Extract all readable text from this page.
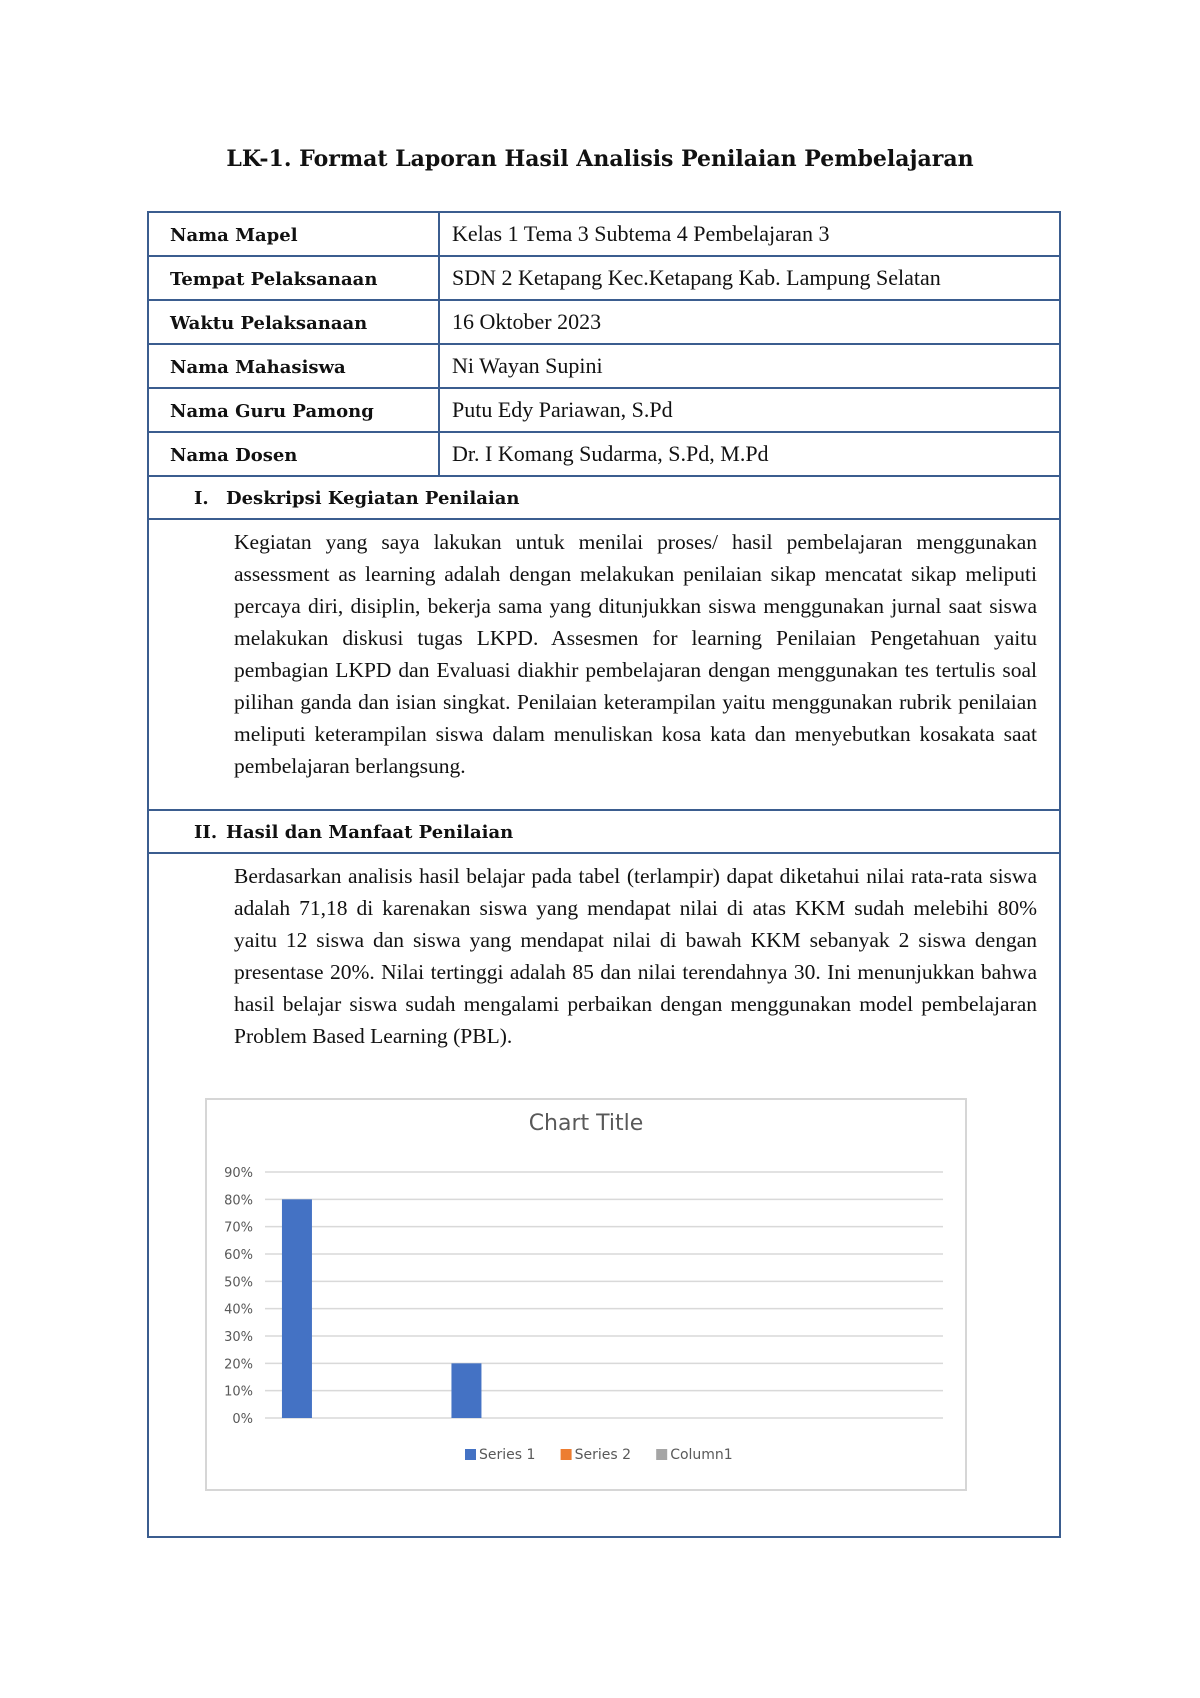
LK-1. Format Laporan Hasil Analisis Penilaian Pembelajaran
Nama Mapel	Kelas 1 Tema 3 Subtema 4 Pembelajaran 3
Tempat Pelaksanaan	SDN 2 Ketapang Kec.Ketapang Kab. Lampung Selatan
Waktu Pelaksanaan	16 Oktober 2023
Nama Mahasiswa	Ni Wayan Supini
Nama Guru Pamong	Putu Edy Pariawan, S.Pd
Nama Dosen	Dr. I Komang Sudarma, S.Pd, M.Pd
I. Deskripsi Kegiatan Penilaian
Kegiatan yang saya lakukan untuk menilai proses/ hasil pembelajaran menggunakan assessment as learning adalah dengan melakukan penilaian sikap mencatat sikap meliputi percaya diri, disiplin, bekerja sama yang ditunjukkan siswa menggunakan jurnal saat siswa melakukan diskusi tugas LKPD. Assesmen for learning Penilaian Pengetahuan yaitu pembagian LKPD dan Evaluasi diakhir pembelajaran dengan menggunakan tes tertulis soal pilihan ganda dan isian singkat. Penilaian keterampilan yaitu menggunakan rubrik penilaian meliputi keterampilan siswa dalam menuliskan kosa kata dan menyebutkan kosakata saat pembelajaran berlangsung.
II. Hasil dan Manfaat Penilaian
Berdasarkan analisis hasil belajar pada tabel (terlampir) dapat diketahui nilai rata-rata siswa adalah 71,18 di karenakan siswa yang mendapat nilai di atas KKM sudah melebihi 80% yaitu 12 siswa dan siswa yang mendapat nilai di bawah KKM sebanyak 2 siswa dengan presentase 20%. Nilai tertinggi adalah 85 dan nilai terendahnya 30. Ini menunjukkan bahwa hasil belajar siswa sudah mengalami perbaikan dengan menggunakan model pembelajaran Problem Based Learning (PBL).
Chart Title
0%
10%
20%
30%
40%
50%
60%
70%
80%
90%
Series 1	Series 2	Column1
